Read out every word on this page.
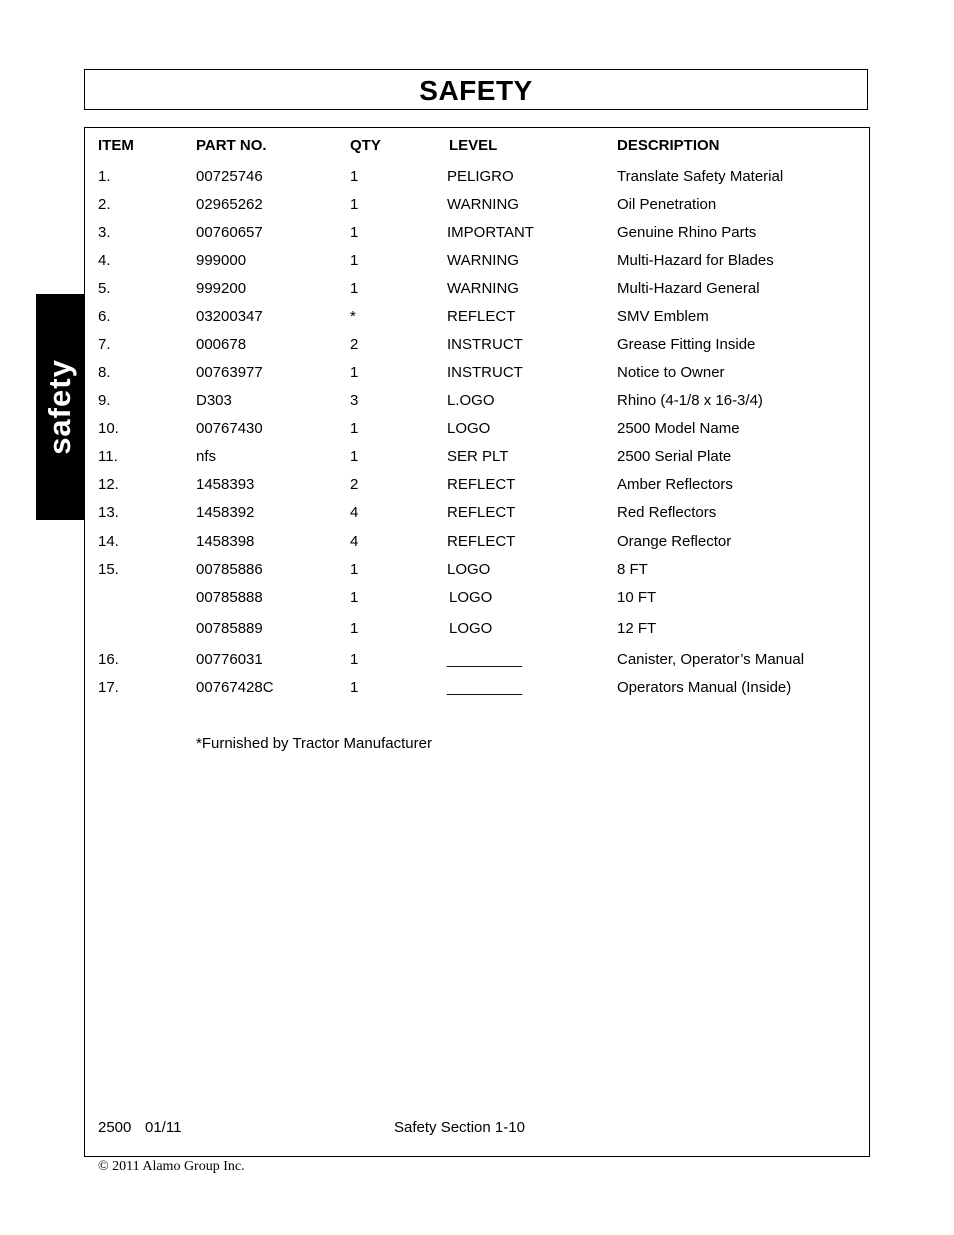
SAFETY
safety
ITEM	PART NO.	QTY	LEVEL	DESCRIPTION
1.	00725746	1	PELIGRO	Translate Safety Material
2.	02965262	1	WARNING	Oil Penetration
3.	00760657	1	IMPORTANT	Genuine Rhino Parts
4.	999000	1	WARNING	Multi-Hazard for Blades
5.	999200	1	WARNING	Multi-Hazard General
6.	03200347	*	REFLECT	SMV Emblem
7.	000678	2	INSTRUCT	Grease Fitting Inside
8.	00763977	1	INSTRUCT	Notice to Owner
9.	D303	3	L.OGO	Rhino (4-1/8 x 16-3/4)
10.	00767430	1	LOGO	2500 Model Name
11.	nfs	1	SER PLT	2500 Serial Plate
12.	1458393	2	REFLECT	Amber Reflectors
13.	1458392	4	REFLECT	Red Reflectors
14.	1458398	4	REFLECT	Orange Reflector
15.	00785886	1	LOGO	8 FT
00785888	1	LOGO	10 FT
00785889	1	LOGO	12 FT
16.	00776031	1	_________	Canister, Operator’s Manual
17.	00767428C	1	_________	Operators Manual (Inside)
*Furnished by Tractor Manufacturer
2500 01/11	Safety Section 1-10
© 2011 Alamo Group Inc.
